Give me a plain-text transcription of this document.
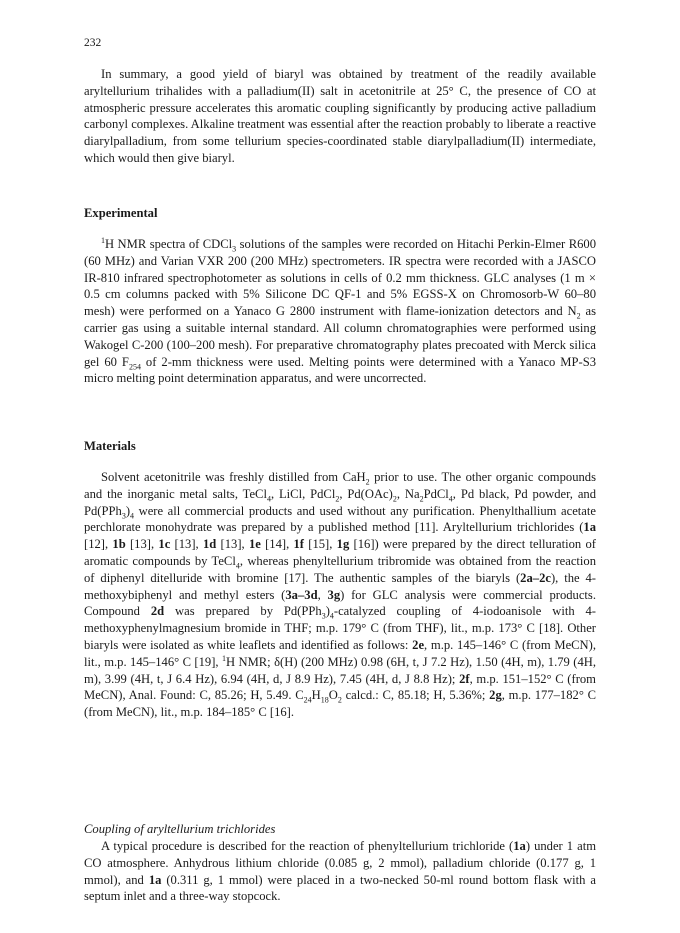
232

In summary, a good yield of biaryl was obtained by treatment of the readily available aryltellurium trihalides with a palladium(II) salt in acetonitrile at 25° C, the presence of CO at atmospheric pressure accelerates this aromatic coupling significantly by producing active palladium carbonyl complexes. Alkaline treatment was essential after the reaction probably to liberate a reactive diarylpalladium, from some tellurium species-coordinated stable diarylpalladium(II) intermediate, which would then give biaryl.

Experimental

$^1$H NMR spectra of CDCl$_3$ solutions of the samples were recorded on Hitachi Perkin-Elmer R600 (60 MHz) and Varian VXR 200 (200 MHz) spectrometers. IR spectra were recorded with a JASCO IR-810 infrared spectrophotometer as solutions in cells of 0.2 mm thickness. GLC analyses (1 m × 0.5 cm columns packed with 5% Silicone DC QF-1 and 5% EGSS-X on Chromosorb-W 60–80 mesh) were performed on a Yanaco G 2800 instrument with flame-ionization detectors and $N_2$ as carrier gas using a suitable internal standard. All column chromatographies were performed using Wakogel C-200 (100–200 mesh). For preparative chromatography plates precoated with Merck silica gel 60 $F_{254}$ of 2-mm thickness were used. Melting points were determined with a Yanaco MP-S3 micro melting point determination apparatus, and were uncorrected.

Materials

Solvent acetonitrile was freshly distilled from CaH$_2$ prior to use. The other organic compounds and the inorganic metal salts, TeCl$_4$, LiCl, PdCl$_2$, $Pd(OAc)_2$, $Na_2PdCl_4$, Pd black, Pd powder, and $Pd(PPh_3)_4$ were all commercial products and used without any purification. Phenylthallium acetate perchlorate monohydrate was prepared by a published method [11]. Aryltellurium trichlorides (1a [12], 1b [13], 1c [13], 1d [13], 1e [14], 1f [15], 1g [16]) were prepared by the direct telluration of aromatic compounds by TeCl$_4$, whereas phenyltellurium tribromide was obtained from the reaction of diphenyl ditelluride with bromine [17]. The authentic samples of the biaryls (2a–2c), the 4-methoxybiphenyl and methyl esters (3a–3d, 3g) for GLC analysis were commercial products. Compound 2d was prepared by $Pd(PPh_3)_4$-catalyzed coupling of 4-iodoanisole with 4-methoxyphenylmagnesium bromide in THF; m.p. 179° C (from THF), lit., m.p. 173° C [18]. Other biaryls were isolated as white leaflets and identified as follows: 2e, m.p. 145–146° C (from MeCN), lit., m.p. 145–146° C [19], $^1$H NMR; δ(H) (200 MHz) 0.98 (6H, t, J 7.2 Hz), 1.50 (4H, m), 1.79 (4H, m), 3.99 (4H, t, J 6.4 Hz), 6.94 (4H, d, J 8.9 Hz), 7.45 (4H, d, J 8.8 Hz); 2f, m.p. 151–152° C (from MeCN), Anal. Found: C, 85.26; H, 5.49. $C_{24}H_{18}O_2$ calcd.: C, 85.18; H, 5.36%; 2g, m.p. 177–182° C (from MeCN), lit., m.p. 184–185° C [16].

Coupling of aryltellurium trichlorides

A typical procedure is described for the reaction of phenyltellurium trichloride (1a) under 1 atm CO atmosphere. Anhydrous lithium chloride (0.085 g, 2 mmol), palladium chloride (0.177 g, 1 mmol), and 1a (0.311 g, 1 mmol) were placed in a two-necked 50-ml round bottom flask with a septum inlet and a three-way stopcock.
